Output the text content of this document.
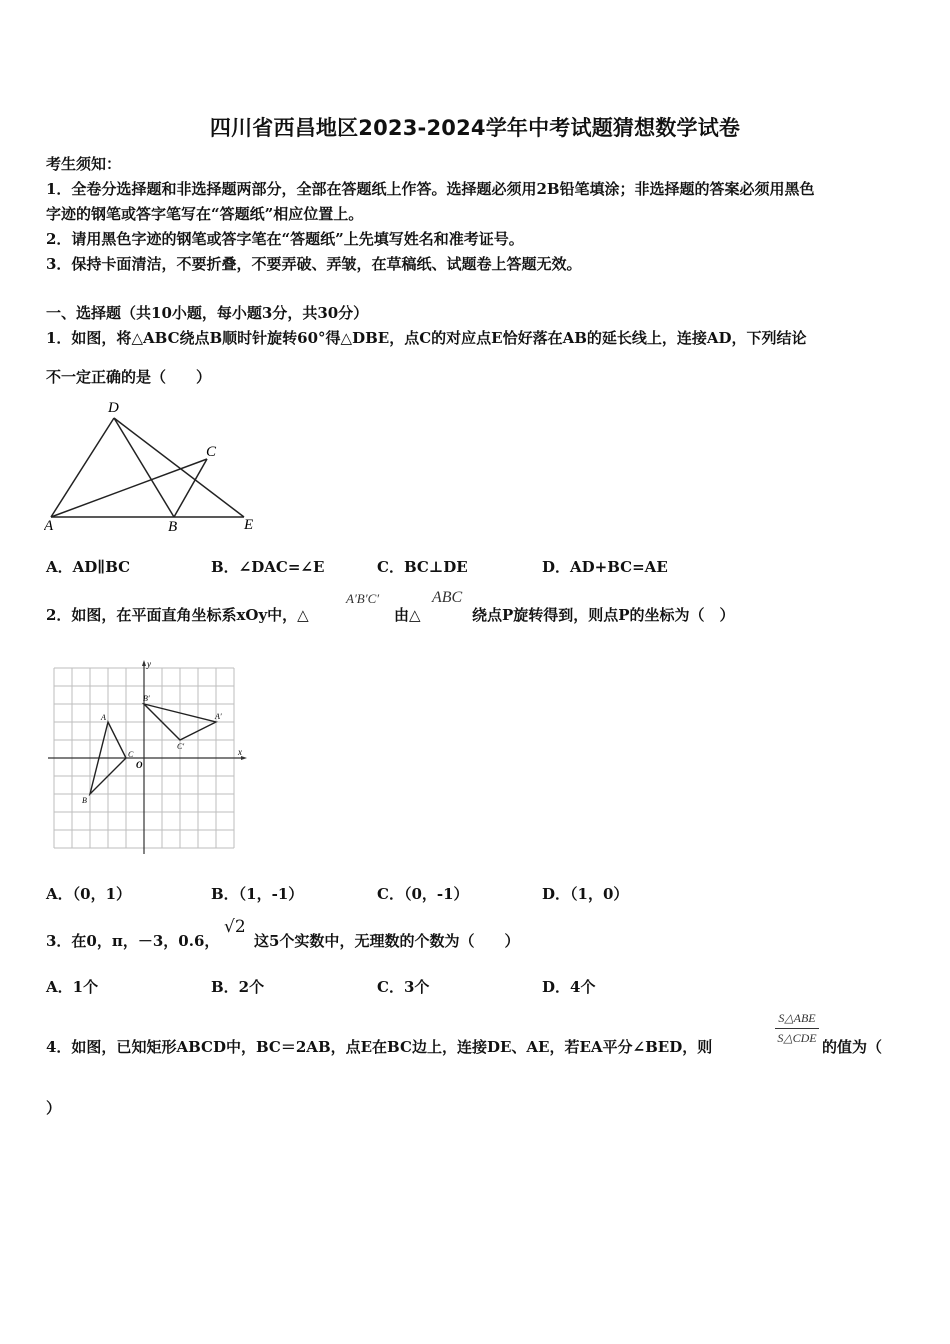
四川省西昌地区2023-2024学年中考试题猜想数学试卷
考生须知：
1．全卷分选择题和非选择题两部分，全部在答题纸上作答。选择题必须用2B铅笔填涂；非选择题的答案必须用黑色
字迹的钢笔或答字笔写在“答题纸”相应位置上。
2．请用黑色字迹的钢笔或答字笔在“答题纸”上先填写姓名和准考证号。
3．保持卡面清洁，不要折叠，不要弄破、弄皱，在草稿纸、试题卷上答题无效。
一、选择题（共10小题，每小题3分，共30分）
1．如图，将△ABC绕点B顺时针旋转60°得△DBE，点C的对应点E恰好落在AB的延长线上，连接AD，下列结论
不一定正确的是（　　）
D
C
A	B	E
A．AD∥BC	B．∠DAC=∠E	C．BC⊥DE	D．AD+BC=AE
2．如图，在平面直角坐标系xOy中，△
A′B′C′
由△
ABC
绕点P旋转得到，则点P的坐标为（　）
y
x
O
A
B
C
A′
B′
C′
A．（0，1）	B．（1，-1）	C．（0，-1）	D．（1，0）
3．在0，π，－3，0.6，
√2
这5个实数中，无理数的个数为（　　）
A．1个	B．2个	C．3个	D．4个
4．如图，已知矩形ABCD中，BC＝2AB，点E在BC边上，连接DE、AE，若EA平分∠BED，则
S△ABE
S△CDE 的值为（
）
